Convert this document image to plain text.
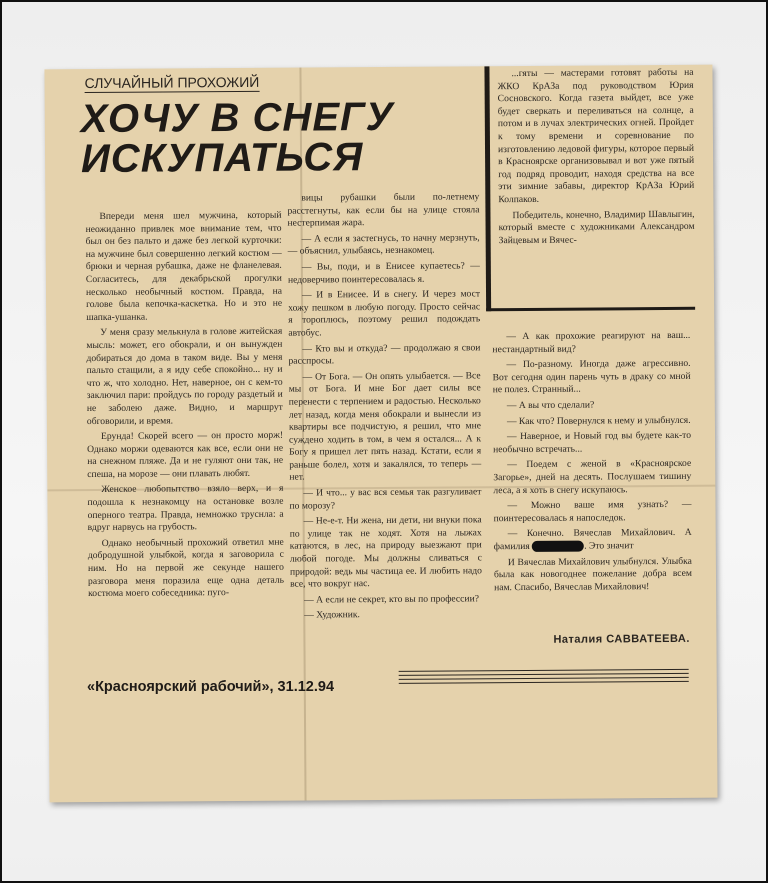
СЛУЧАЙНЫЙ ПРОХОЖИЙ
ХОЧУ В СНЕГУ
ИСКУПАТЬСЯ

...гяты — мастерами готовят работы на ЖКО КрАЗа под руководством Юрия Сосновского. Когда газета выйдет, все уже будет сверкать и переливаться на солнце, а потом и в лучах электрических огней. Пройдет к тому времени и соревнование по изготовлению ледовой фигуры, которое первый в Красноярске организовывал и вот уже пятый год подряд проводит, находя средства на все эти зимние забавы, директор КрАЗа Юрий Колпаков.

Победитель, конечно, Владимир Шавлыгин, который вместе с художниками Александром Зайцевым и Вячес-

Впереди меня шел мужчина, который неожиданно привлек мое внимание тем, что был он без пальто и даже без легкой курточки: на мужчине был совершенно легкий костюм — брюки и черная рубашка, даже не фланелевая. Согласитесь, для декабрьской прогулки несколько необычный костюм. Правда, на голове была кепочка-каскетка. Но и это не шапка-ушанка.

У меня сразу мелькнула в голове житейская мысль: может, его обокрали, и он вынужден добираться до дома в таком виде. Вы у меня пальто стащили, а я иду себе спокойно... ну и что ж, что холодно. Нет, наверное, он с кем-то заключил пари: пройдусь по городу раздетый и не заболею даже. Видно, и маршрут обговорили, и время.

Ерунда! Скорей всего — он просто морж! Однако моржи одеваются как все, если они не на снежном пляже. Да и не гуляют они так, не спеша, на морозе — они плавать любят.

Женское любопытство взяло верх, и я подошла к незнакомцу на остановке возле оперного театра. Правда, немножко труснла: а вдруг нарвусь на грубость.

Однако необычный прохожий ответил мне добродушной улыбкой, когда я заговорила с ним. Но на первой же секунде нашего разговора меня поразила еще одна деталь костюма моего собеседника: пуго-

вицы рубашки были по-летнему расстегнуты, как если бы на улице стояла нестерпимая жара.

— А если я застегнусь, то начну мерзнуть, — объяснил, улыбаясь, незнакомец.

— Вы, поди, и в Енисее купаетесь? — недоверчиво поинтересовалась я.

— И в Енисее. И в снегу. И через мост хожу пешком в любую погоду. Просто сейчас я тороплюсь, поэтому решил подождать автобус.

— Кто вы и откуда? — продолжаю я свои расспросы.

— От Бога. — Он опять улыбается. — Все мы от Бога. И мне Бог дает силы все перенести с терпением и радостью. Несколько лет назад, когда меня обокрали и вынесли из квартиры все подчистую, я решил, что мне суждено ходить в том, в чем я остался... А к Богу я пришел лет пять назад. Кстати, если я раньше болел, хотя и закалялся, то теперь — нет.

— И что... у вас вся семья так разгуливает по морозу?

— Не-е-т. Ни жена, ни дети, ни внуки пока по улице так не ходят. Хотя на лыжах катаются, в лес, на природу выезжают при любой погоде. Мы должны сливаться с природой: ведь мы частица ее. И любить надо все, что вокруг нас.

— А если не секрет, кто вы по профессии?

— Художник.

— А как прохожие реагируют на ваш... нестандартный вид?

— По-разному. Иногда даже агрессивно. Вот сегодня один парень чуть в драку со мной не полез. Странный...

— А вы что сделали?

— Как что? Повернулся к нему и улыбнулся.

— Наверное, и Новый год вы будете как-то необычно встречать...

— Поедем с женой в «Красноярское Загорье», дней на десять. Послушаем тишину леса, а я хоть в снегу искупаюсь.

— Можно ваше имя узнать? — поинтересовалась я напоследок.

— Конечно. Вячеслав Михайлович. А фамилия	. Это значит

И Вячеслав Михайлович улыбнулся. Улыбка была как новогоднее пожелание добра всем нам. Спасибо, Вячеслав Михайлович!

Наталия САВВАТЕЕВА.
«Красноярский рабочий», 31.12.94
